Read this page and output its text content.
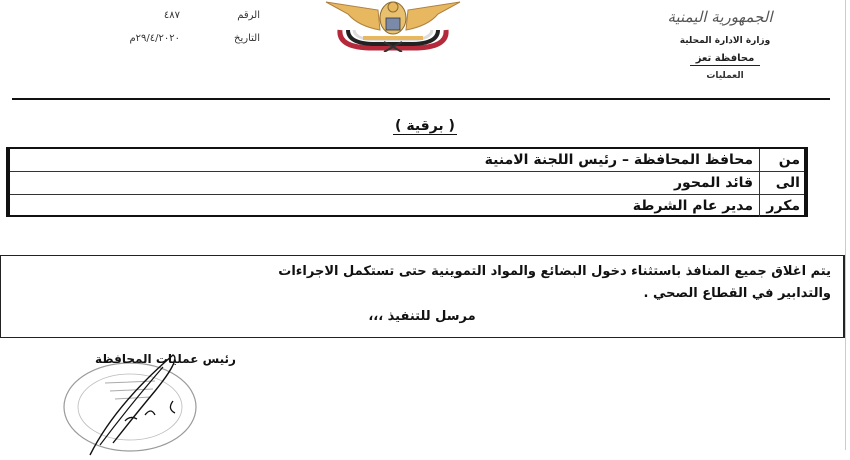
الجمهورية اليمنية
وزارة الادارة المحلية
محافظة تعز
العمليات
الرقم
٤٨٧
التاريخ
٢٩/٤/٢٠٢٠م
( برقية )
من
محافظ المحافظة – رئيس اللجنة الامنية
الى
قائد المحور
مكرر
مدير عام الشرطة
يتم اغلاق جميع المنافذ باستثناء دخول البضائع والمواد التموينية حتى تستكمل الاجراءات
والتدابير في القطاع الصحي .
مرسل للتنفيذ ،،،
رئيس عمليات المحافظة
